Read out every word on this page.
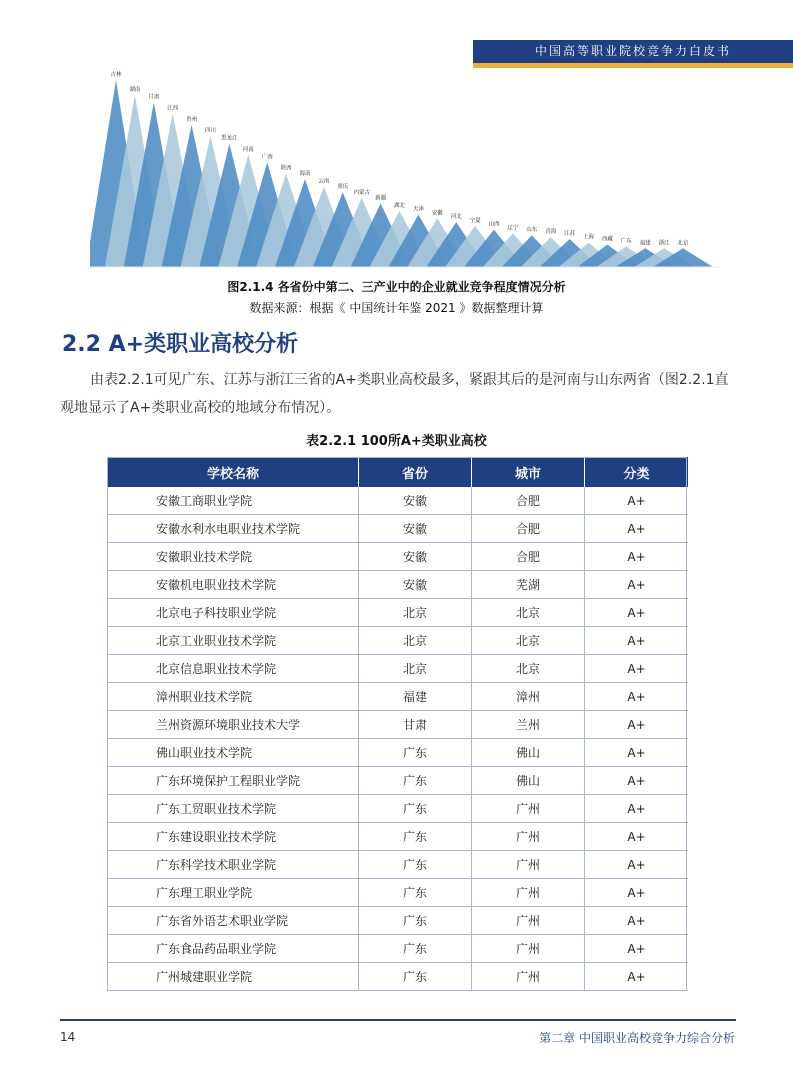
中国高等职业院校竞争力白皮书
吉林
湖南
甘肃
江西
贵州
四川
黑龙江
河南
广西
陕西
海南
云南
重庆
内蒙古
新疆
湖北
天津
安徽
河北
宁夏
山西
辽宁 山东 青海 江苏
上海 西藏 广东 福建 浙江 北京
图2.1.4 各省份中第二、三产业中的企业就业竞争程度情况分析
数据来源：根据《 中国统计年鉴 2021 》数据整理计算
2.2 A+类职业高校分析

由表2.2.1可见广东、江苏与浙江三省的A+类职业高校最多，紧跟其后的是河南与山东两省（图2.2.1直观地显示了A+类职业高校的地域分布情况）。

表2.2.1 100所A+类职业高校
学校名称	省份	城市	分类
安徽工商职业学院	安徽	合肥	A+
安徽水利水电职业技术学院	安徽	合肥	A+
安徽职业技术学院	安徽	合肥	A+
安徽机电职业技术学院	安徽	芜湖	A+
北京电子科技职业学院	北京	北京	A+
北京工业职业技术学院	北京	北京	A+
北京信息职业技术学院	北京	北京	A+
漳州职业技术学院	福建	漳州	A+
兰州资源环境职业技术大学	甘肃	兰州	A+
佛山职业技术学院	广东	佛山	A+
广东环境保护工程职业学院	广东	佛山	A+
广东工贸职业技术学院	广东	广州	A+
广东建设职业技术学院	广东	广州	A+
广东科学技术职业学院	广东	广州	A+
广东理工职业学院	广东	广州	A+
广东省外语艺术职业学院	广东	广州	A+
广东食品药品职业学院	广东	广州	A+
广州城建职业学院	广东	广州	A+
14	第二章 中国职业高校竞争力综合分析
